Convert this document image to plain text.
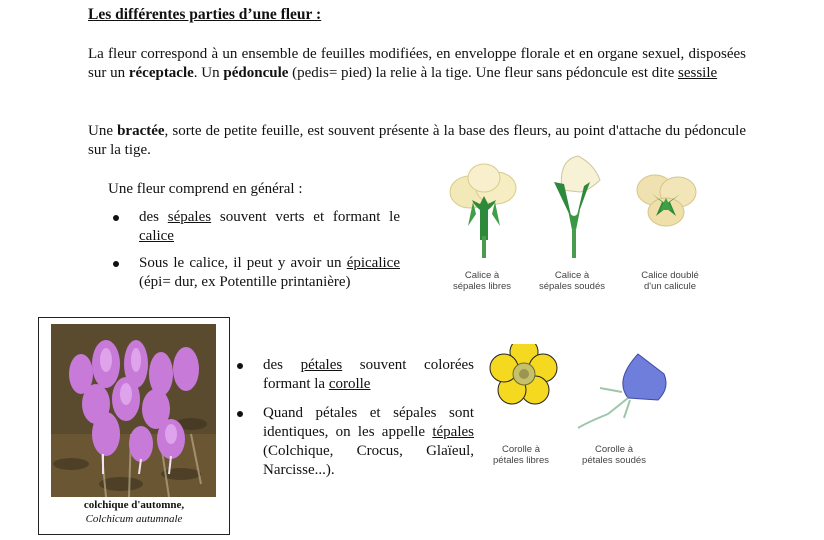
Les différentes parties d’une fleur :
La fleur correspond à un ensemble de feuilles modifiées, en enveloppe florale et en organe sexuel, disposées sur un réceptacle. Un pédoncule (pedis= pied) la relie à la tige. Une fleur sans pédoncule est dite sessile
Une bractée, sorte de petite feuille, est souvent présente à la base des fleurs, au point d'attache du pédoncule sur la tige.
Une fleur comprend en général :
des sépales souvent verts et formant le calice
Sous le calice, il peut y avoir un épicalice (épi= dur, ex Potentille printanière)
des pétales souvent colorées formant la corolle
Quand pétales et sépales sont identiques, on les appelle tépales (Colchique, Crocus, Glaïeul, Narcisse...).
Calice à
sépales libres
Calice à
sépales soudés
Calice doublé
d'un calicule
Corolle à
pétales libres
Corolle à
pétales soudés
colchique d'automne,
Colchicum autumnale
